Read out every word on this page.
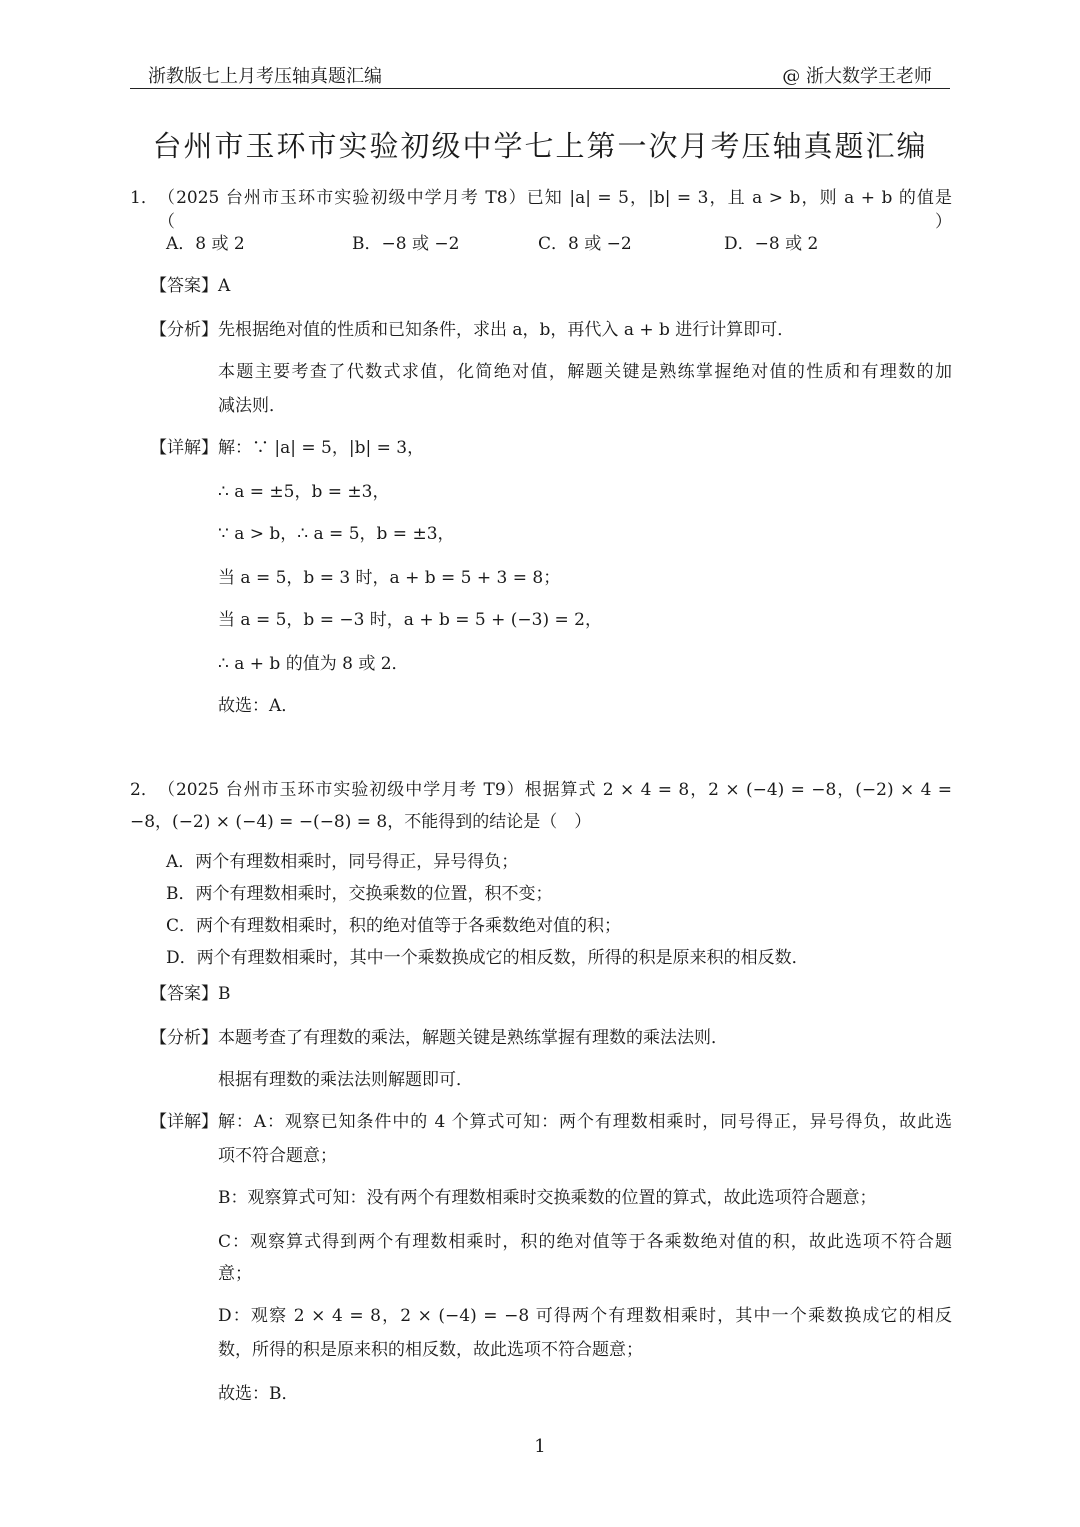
浙教版七上月考压轴真题汇编	@ 浙大数学王老师
台州市玉环市实验初级中学七上第一次月考压轴真题汇编
1． （2025 台州市玉环市实验初级中学月考 T8）已知 |a| = 5，|b| = 3，且 a > b，则 a + b 的值是（　　）
A．8 或 2	B．−8 或 −2	C．8 或 −2	D．−8 或 2
【答案】 A
【分析】 先根据绝对值的性质和已知条件，求出 a，b，再代入 a + b 进行计算即可．
本题主要考查了代数式求值，化简绝对值，解题关键是熟练掌握绝对值的性质和有理数的加
减法则．
【详解】 解：∵ |a| = 5，|b| = 3，
∴ a = ±5，b = ±3，
∵ a > b，∴ a = 5，b = ±3，
当 a = 5，b = 3 时，a + b = 5 + 3 = 8；
当 a = 5，b = −3 时，a + b = 5 + (−3) = 2，
∴ a + b 的值为 8 或 2．
故选：A．
2． （2025 台州市玉环市实验初级中学月考 T9）根据算式 2 × 4 = 8，2 × (−4) = −8，(−2) × 4 =
−8，(−2) × (−4) = −(−8) = 8，不能得到的结论是（　）
A．两个有理数相乘时，同号得正，异号得负；
B．两个有理数相乘时，交换乘数的位置，积不变；
C．两个有理数相乘时，积的绝对值等于各乘数绝对值的积；
D．两个有理数相乘时，其中一个乘数换成它的相反数，所得的积是原来积的相反数．
【答案】 B
【分析】 本题考查了有理数的乘法，解题关键是熟练掌握有理数的乘法法则．
根据有理数的乘法法则解题即可．
【详解】 解：A：观察已知条件中的 4 个算式可知：两个有理数相乘时，同号得正，异号得负，故此选
项不符合题意；
B：观察算式可知：没有两个有理数相乘时交换乘数的位置的算式，故此选项符合题意；
C：观察算式得到两个有理数相乘时，积的绝对值等于各乘数绝对值的积，故此选项不符合题
意；
D：观察 2 × 4 = 8，2 × (−4) = −8 可得两个有理数相乘时，其中一个乘数换成它的相反
数，所得的积是原来积的相反数，故此选项不符合题意；
故选：B．
1
